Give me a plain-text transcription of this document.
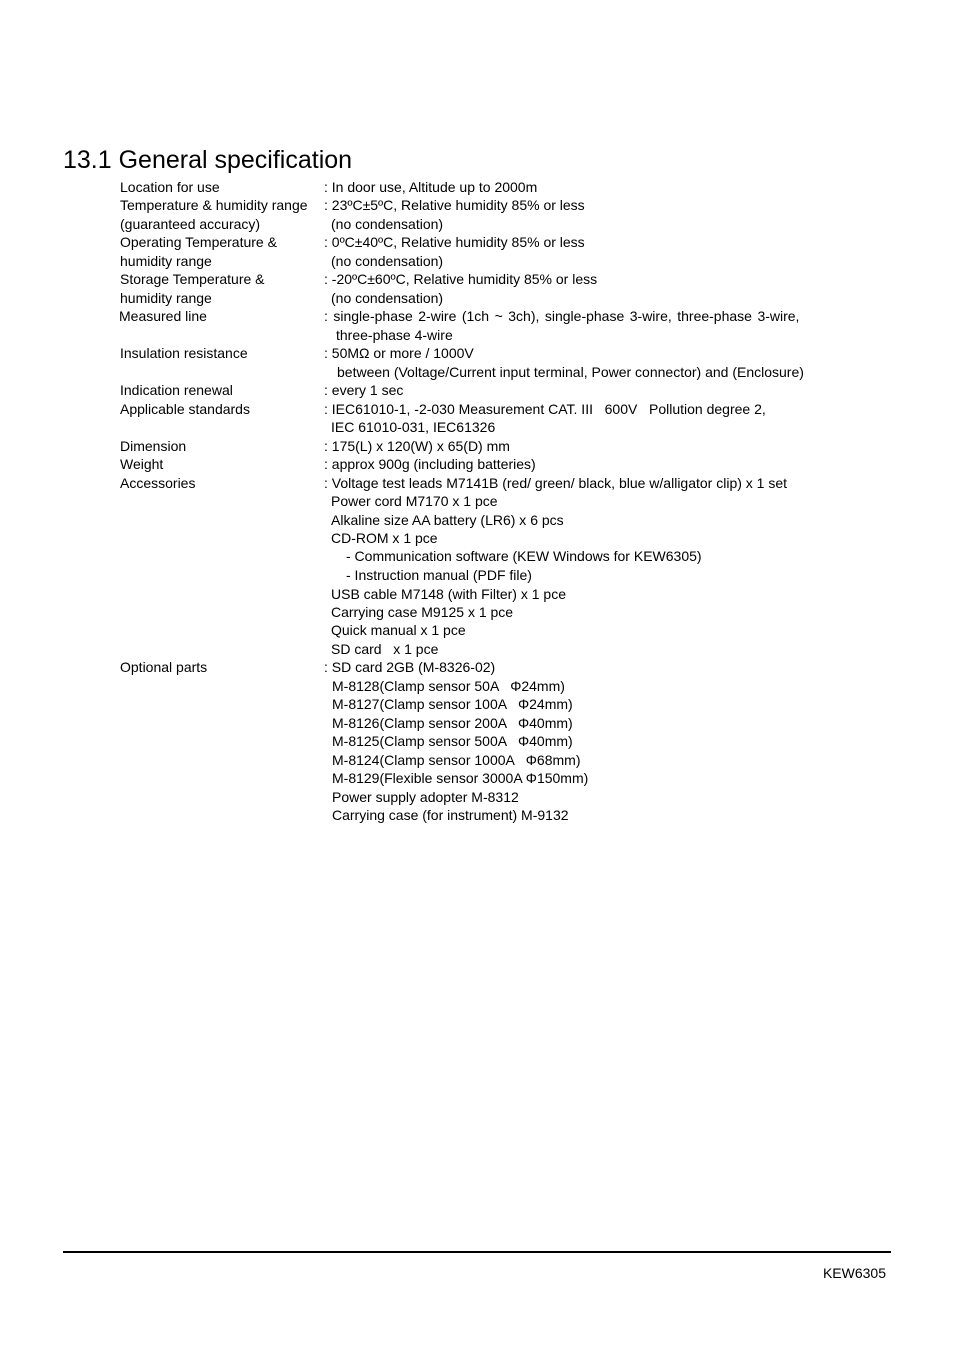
13.1 General specification
Location for use	: In door use, Altitude up to 2000m
Temperature & humidity range : 23ºC±5ºC, Relative humidity 85% or less
(guaranteed accuracy)	(no condensation)
Operating Temperature &	: 0ºC±40ºC, Relative humidity 85% or less
humidity range	(no condensation)
Storage Temperature &	: -20ºC±60ºC, Relative humidity 85% or less
humidity range	(no condensation)
Measured line	: single-phase 2-wire (1ch ~ 3ch), single-phase 3-wire, three-phase 3-wire,
three-phase 4-wire
Insulation resistance	: 50MΩ or more / 1000V
between (Voltage/Current input terminal, Power connector) and (Enclosure)
Indication renewal	: every 1 sec
Applicable standards	: IEC61010-1, -2-030 Measurement CAT. III   600V   Pollution degree 2,
IEC 61010-031, IEC61326
Dimension	: 175(L) x 120(W) x 65(D) mm
Weight	: approx 900g (including batteries)
Accessories	: Voltage test leads M7141B (red/ green/ black, blue w/alligator clip) x 1 set
Power cord M7170 x 1 pce
Alkaline size AA battery (LR6) x 6 pcs
CD-ROM x 1 pce
- Communication software (KEW Windows for KEW6305)
- Instruction manual (PDF file)
USB cable M7148 (with Filter) x 1 pce
Carrying case M9125 x 1 pce
Quick manual x 1 pce
SD card   x 1 pce
Optional parts	: SD card 2GB (M-8326-02)
M-8128(Clamp sensor 50A   Φ24mm)
M-8127(Clamp sensor 100A   Φ24mm)
M-8126(Clamp sensor 200A   Φ40mm)
M-8125(Clamp sensor 500A   Φ40mm)
M-8124(Clamp sensor 1000A   Φ68mm)
M-8129(Flexible sensor 3000A Φ150mm)
Power supply adopter M-8312
Carrying case (for instrument) M-9132
KEW6305
